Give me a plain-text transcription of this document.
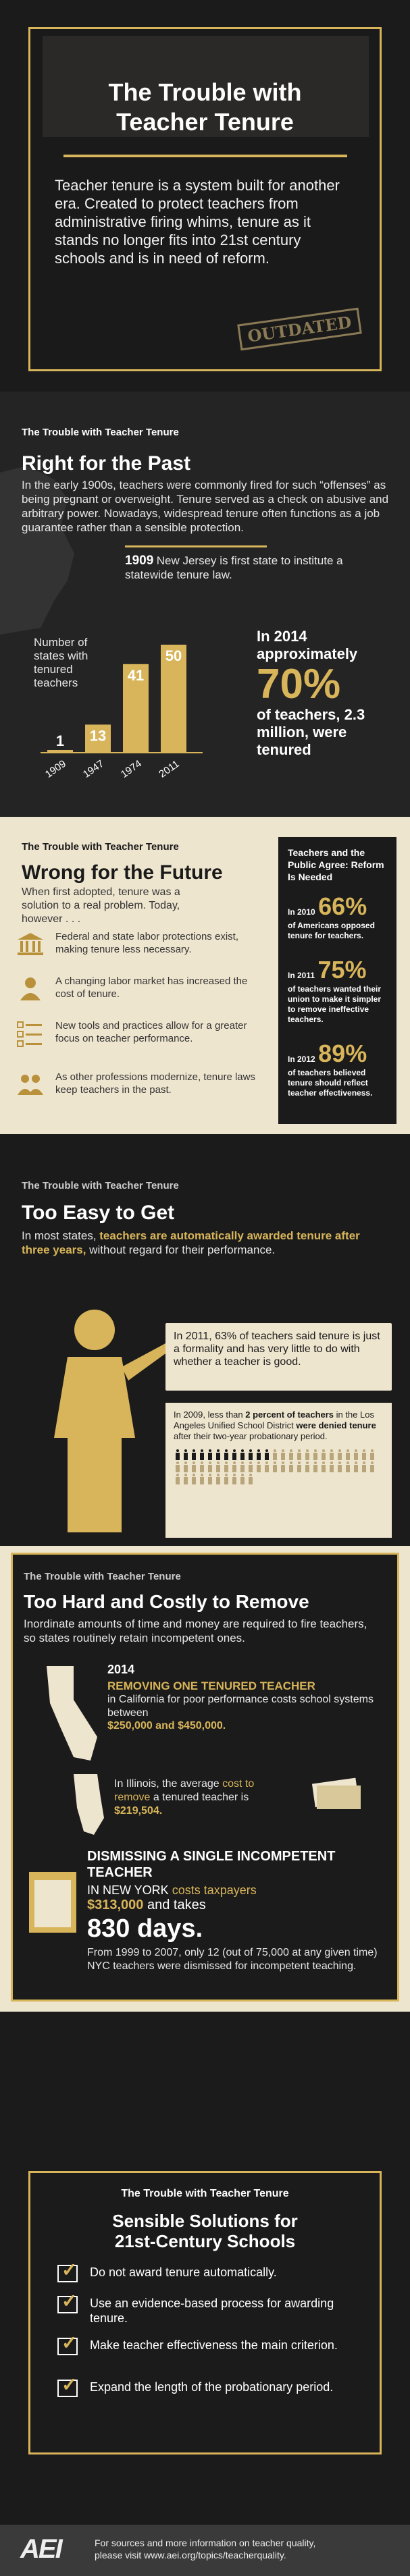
The Trouble with
Teacher Tenure

Teacher tenure is a system built for another era. Created to protect teachers from administrative firing whims, tenure as it stands no longer fits into 21st century schools and is in need of reform.

OUTDATED
The Trouble with Teacher Tenure
Right for the Past

In the early 1900s, teachers were commonly fired for such “offenses” as being pregnant or overweight. Tenure served as a check on abusive and arbitrary power. Nowadays, widespread tenure often functions as a job guarantee rather than a sensible protection.

1909 New Jersey is first state to institute a statewide tenure law.
Number of states with tenured teachers
1
1909
13
1947
41
1974
50
2011
In 2014 approximately
70%
of teachers, 2.3 million, were tenured
The Trouble with Teacher Tenure
Wrong for the Future

When first adopted, tenure was a solution to a real problem. Today, however . . .

Federal and state labor protections exist, making tenure less necessary.

A changing labor market has increased the cost of tenure.

New tools and practices allow for a greater focus on teacher performance.

As other professions modernize, tenure laws keep teachers in the past.

Teachers and the Public Agree: Reform Is Needed
In 2010 66%
of Americans opposed tenure for teachers.
In 2011 75%
of teachers wanted their union to make it simpler to remove ineffective teachers.
In 2012 89%
of teachers believed tenure should reflect teacher effectiveness.
The Trouble with Teacher Tenure
Too Easy to Get

In most states, teachers are automatically awarded tenure after three years, without regard for their performance.

In 2011, 63% of teachers said tenure is just a formality and has very little to do with whether a teacher is good.

In 2009, less than 2 percent of teachers in the Los Angeles Unified School District were denied tenure after their two-year probationary period.

The Trouble with Teacher Tenure
Too Hard and Costly to Remove

Inordinate amounts of time and money are required to fire teachers, so states routinely retain incompetent ones.

2014
REMOVING ONE TENURED TEACHER
in California for poor performance costs school systems between
$250,000 and $450,000.
In Illinois, the average cost to remove a tenured teacher is $219,504.
DISMISSING A SINGLE INCOMPETENT TEACHER
IN NEW YORK costs taxpayers
$313,000 and takes
830 days.

From 1999 to 2007, only 12 (out of 75,000 at any given time) NYC teachers were dismissed for incompetent teaching.

The Trouble with Teacher Tenure
Sensible Solutions for
21st-Century Schools
✓ Do not award tenure automatically.
✓ Use an evidence-based process for awarding tenure.
✓ Make teacher effectiveness the main criterion.
✓ Expand the length of the probationary period.
AEI	For sources and more information on teacher quality,
please visit www.aei.org/topics/teacherquality.
